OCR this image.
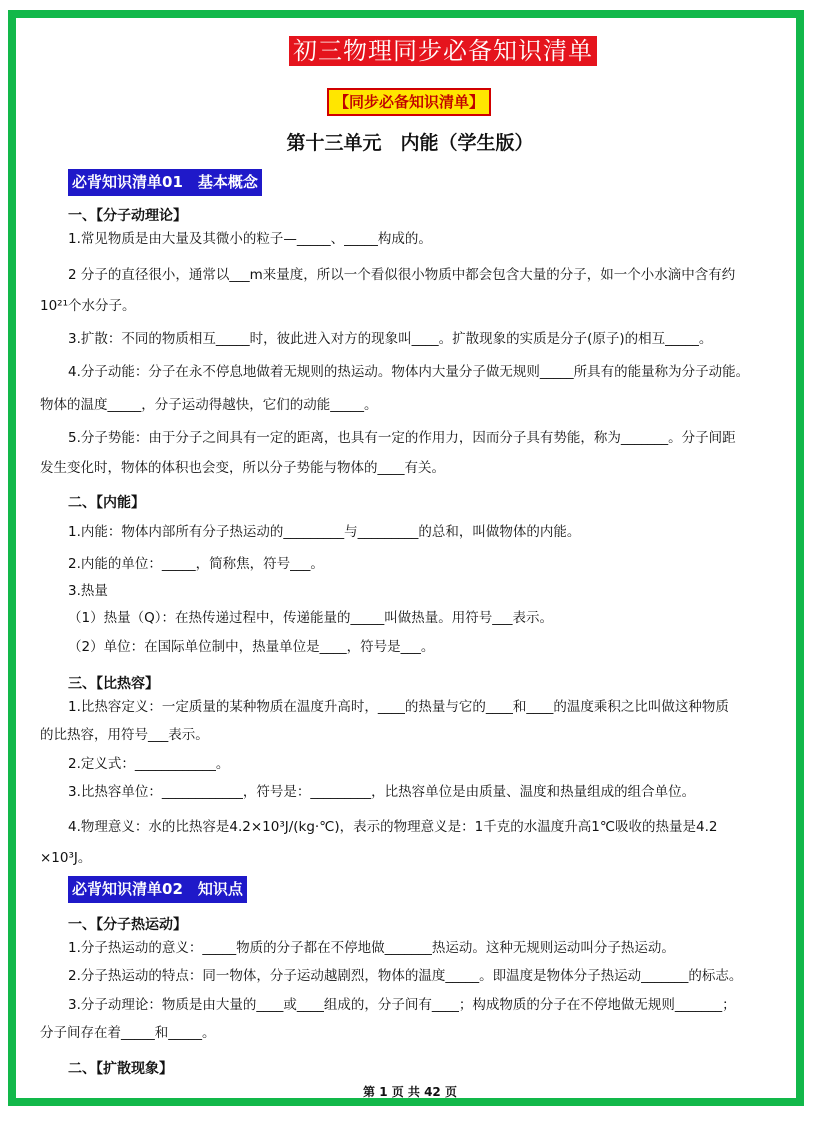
初三物理同步必备知识清单
【同步必备知识清单】
第十三单元　内能（学生版）
必背知识清单01　基本概念
一、【分子动理论】
1.常见物质是由大量及其微小的粒子—_____、_____构成的。
2 分子的直径很小，通常以___m来量度，所以一个看似很小物质中都会包含大量的分子，如一个小水滴中含有约
10²¹个水分子。
3.扩散：不同的物质相互_____时，彼此进入对方的现象叫____。扩散现象的实质是分子(原子)的相互_____。
4.分子动能：分子在永不停息地做着无规则的热运动。物体内大量分子做无规则_____所具有的能量称为分子动能。
物体的温度_____，分子运动得越快，它们的动能_____。
5.分子势能：由于分子之间具有一定的距离，也具有一定的作用力，因而分子具有势能，称为_______。分子间距
发生变化时，物体的体积也会变，所以分子势能与物体的____有关。
二、【内能】
1.内能：物体内部所有分子热运动的_________与_________的总和，叫做物体的内能。
2.内能的单位：_____，简称焦，符号___。
3.热量
（1）热量（Q）：在热传递过程中，传递能量的_____叫做热量。用符号___表示。
（2）单位：在国际单位制中，热量单位是____，符号是___。
三、【比热容】
1.比热容定义：一定质量的某种物质在温度升高时，____的热量与它的____和____的温度乘积之比叫做这种物质
的比热容，用符号___表示。
2.定义式：____________。
3.比热容单位：____________，符号是：_________，比热容单位是由质量、温度和热量组成的组合单位。
4.物理意义：水的比热容是4.2×10³J/(kg·℃)，表示的物理意义是：1千克的水温度升高1℃吸收的热量是4.2
×10³J。
必背知识清单02　知识点
一、【分子热运动】
1.分子热运动的意义：_____物质的分子都在不停地做_______热运动。这种无规则运动叫分子热运动。
2.分子热运动的特点：同一物体，分子运动越剧烈，物体的温度_____。即温度是物体分子热运动_______的标志。
3.分子动理论：物质是由大量的____或____组成的，分子间有____；构成物质的分子在不停地做无规则_______；
分子间存在着_____和_____。
二、【扩散现象】
第 1 页 共 42 页
